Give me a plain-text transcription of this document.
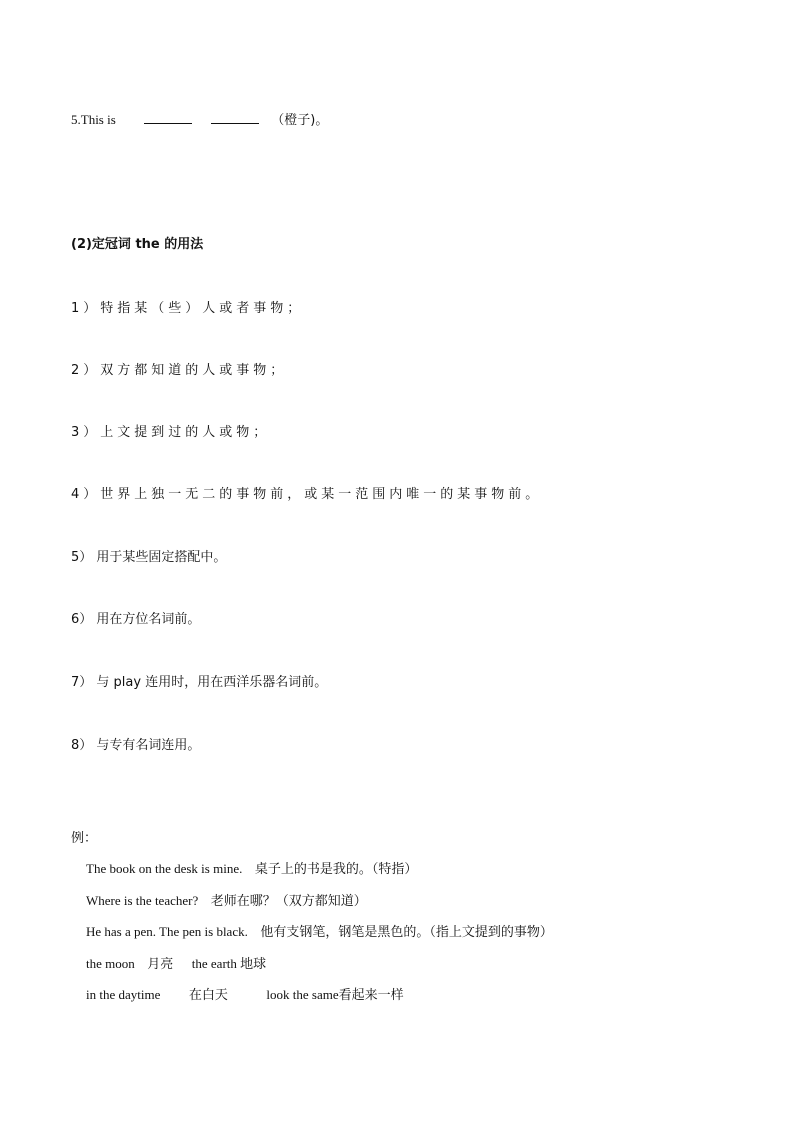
5.This is	（橙子)。
(2)定冠词 the 的用法
1）特指某（些）人或者事物；
2）双方都知道的人或事物；
3）上文提到过的人或物；
4）世界上独一无二的事物前，或某一范围内唯一的某事物前。
5） 用于某些固定搭配中。
6） 用在方位名词前。
7） 与 play 连用时，用在西洋乐器名词前。
8） 与专有名词连用。
例：
The book on the desk is mine. 桌子上的书是我的。（特指）
Where is the teacher? 老师在哪？（双方都知道）
He has a pen. The pen is black. 他有支钢笔，钢笔是黑色的。（指上文提到的事物）
the moon 月亮 the earth 地球
in the daytime 在白天	look the same看起来一样
